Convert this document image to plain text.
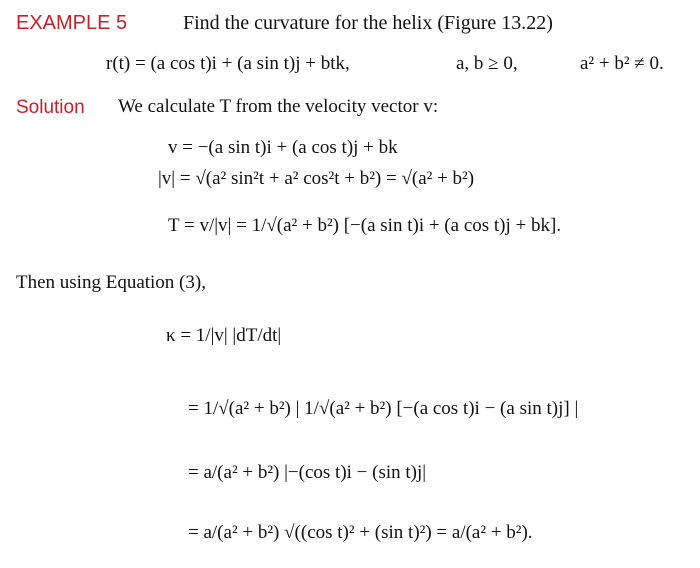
EXAMPLE 5	Find the curvature for the helix (Figure 13.22)
r(t) = (a cos t)i + (a sin t)j + btk,	a, b ≥ 0,	a² + b² ≠ 0.
Solution We calculate T from the velocity vector v:
v = −(a sin t)i + (a cos t)j + bk
|v| = √(a² sin²t + a² cos²t + b²) = √(a² + b²)
T = v/|v| = 1/√(a² + b²) [−(a sin t)i + (a cos t)j + bk].
Then using Equation (3),
κ = 1/|v| |dT/dt|
= 1/√(a² + b²) | 1/√(a² + b²) [−(a cos t)i − (a sin t)j] |
= a/(a² + b²) |−(cos t)i − (sin t)j|
= a/(a² + b²) √((cos t)² + (sin t)²) = a/(a² + b²).
